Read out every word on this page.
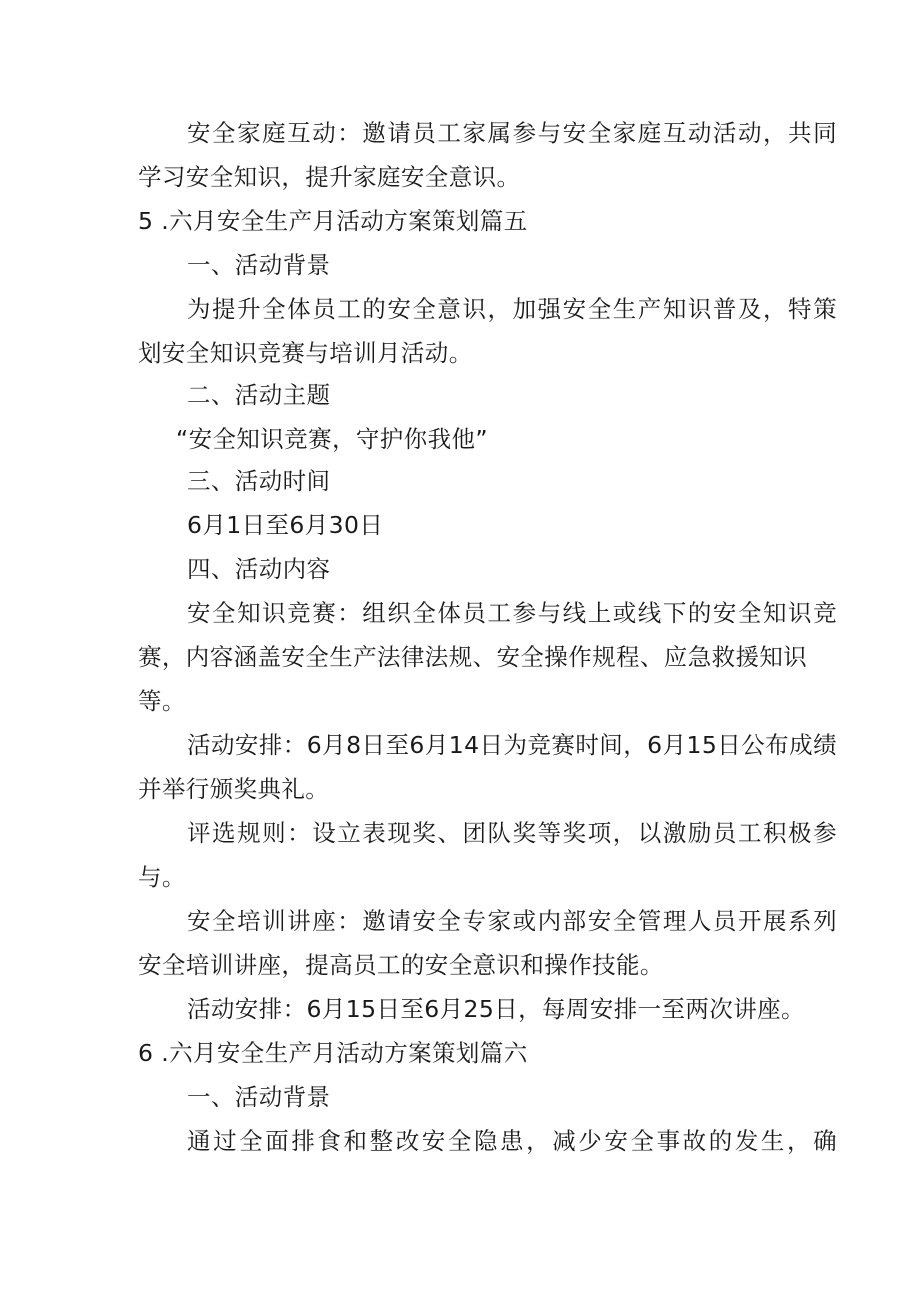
安全家庭互动：邀请员工家属参与安全家庭互动活动，共同
学习安全知识，提升家庭安全意识。
5 .六月安全生产月活动方案策划篇五
一、活动背景
为提升全体员工的安全意识，加强安全生产知识普及，特策
划安全知识竞赛与培训月活动。
二、活动主题
“安全知识竞赛，守护你我他”
三、活动时间
6月1日至6月30日
四、活动内容
安全知识竞赛：组织全体员工参与线上或线下的安全知识竞
赛，内容涵盖安全生产法律法规、安全操作规程、应急救援知识
等。
活动安排：6月8日至6月14日为竞赛时间，6月15日公布成绩
并举行颁奖典礼。
评选规则：设立表现奖、团队奖等奖项，以激励员工积极参
与。
安全培训讲座：邀请安全专家或内部安全管理人员开展系列
安全培训讲座，提高员工的安全意识和操作技能。
活动安排：6月15日至6月25日，每周安排一至两次讲座。
6 .六月安全生产月活动方案策划篇六
一、活动背景
通过全面排食和整改安全隐患，减少安全事故的发生，确
